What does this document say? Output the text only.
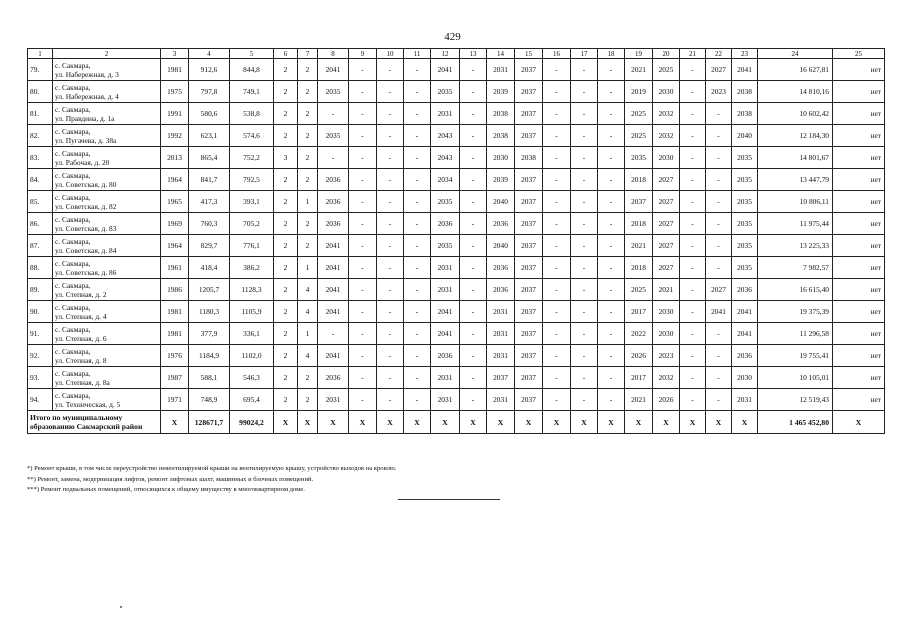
429
1	2	3	4	5	6	7	8	9	10	11	12	13	14	15	16	17	18	19	20	21	22	23	24	25
79.	с. Сакмара,
ул. Набережная, д. 3	1981	912,6	844,8	2	2	2041	-	-	-	2041	-	2031	2037	-	-	-	2021	2025	-	2027	2041	16 627,81	нет
80.	с. Сакмара,
ул. Набережная, д. 4	1975	797,8	749,1	2	2	2035	-	-	-	2035	-	2039	2037	-	-	-	2019	2030	-	2023	2038	14 810,16	нет
81.	с. Сакмара,
ул. Правдина, д. 1а	1991	580,6	538,8	2	2	-	-	-	-	2031	-	2038	2037	-	-	-	2025	2032	-	-	2038	10 602,42	нет
82.	с. Сакмара,
ул. Пугачева, д. 38а	1992	623,1	574,6	2	2	2035	-	-	-	2043	-	2038	2037	-	-	-	2025	2032	-	-	2040	12 184,30	нет
83.	с. Сакмара,
ул. Рабочая, д. 20	2013	865,4	752,2	3	2	-	-	-	-	2043	-	2030	2038	-	-	-	2035	2030	-	-	2035	14 801,67	нет
84.	с. Сакмара,
ул. Советская, д. 80	1964	841,7	792,5	2	2	2036	-	-	-	2034	-	2039	2037	-	-	-	2018	2027	-	-	2035	13 447,79	нет
85.	с. Сакмара,
ул. Советская, д. 82	1965	417,3	393,1	2	1	2036	-	-	-	2035	-	2040	2037	-	-	-	2037	2027	-	-	2035	10 806,11	нет
86.	с. Сакмара,
ул. Советская, д. 83	1969	760,3	705,2	2	2	2036	-	-	-	2036	-	2036	2037	-	-	-	2018	2027	-	-	2035	11 975,44	нет
87.	с. Сакмара,
ул. Советская, д. 84	1964	829,7	776,1	2	2	2041	-	-	-	2035	-	2040	2037	-	-	-	2021	2027	-	-	2035	13 225,33	нет
88.	с. Сакмара,
ул. Советская, д. 86	1961	418,4	386,2	2	1	2041	-	-	-	2031	-	2036	2037	-	-	-	2018	2027	-	-	2035	7 982,57	нет
89.	с. Сакмара,
ул. Степная, д. 2	1986	1205,7	1128,3	2	4	2041	-	-	-	2031	-	2036	2037	-	-	-	2025	2021	-	2027	2036	16 615,40	нет
90.	с. Сакмара,
ул. Степная, д. 4	1981	1180,3	1105,9	2	4	2041	-	-	-	2041	-	2031	2037	-	-	-	2017	2030	-	2041	2041	19 375,39	нет
91.	с. Сакмара,
ул. Степная, д. 6	1981	377,9	336,1	2	1	-	-	-	-	2041	-	2031	2037	-	-	-	2022	2030	-	-	2041	11 296,58	нет
92.	с. Сакмара,
ул. Степная, д. 8	1976	1184,9	1102,0	2	4	2041	-	-	-	2036	-	2031	2037	-	-	-	2026	2023	-	-	2036	19 755,41	нет
93.	с. Сакмара,
ул. Степная, д. 8а	1987	588,1	546,3	2	2	2036	-	-	-	2031	-	2037	2037	-	-	-	2017	2032	-	-	2030	10 105,01	нет
94.	с. Сакмара,
ул. Техническая, д. 5	1971	748,9	695,4	2	2	2031	-	-	-	2031	-	2031	2037	-	-	-	2021	2026	-	-	2031	12 519,43	нет

Итого по муниципальному
образованию Сакмарский район		X	128671,7	99024,2	X	X	X	X	X	X	X	X	X	X	X	X	X	X	X	X	X	X	1 465 452,80	X
*) Ремонт крыши, в том числе переустройство невентилируемой крыши на вентилируемую крышу, устройство выходов на кровлю.
**) Ремонт, замена, модернизация лифтов, ремонт лифтовых шахт, машинных и блочных помещений.
***) Ремонт подвальных помещений, относящихся к общему имуществу в многоквартирном доме.
